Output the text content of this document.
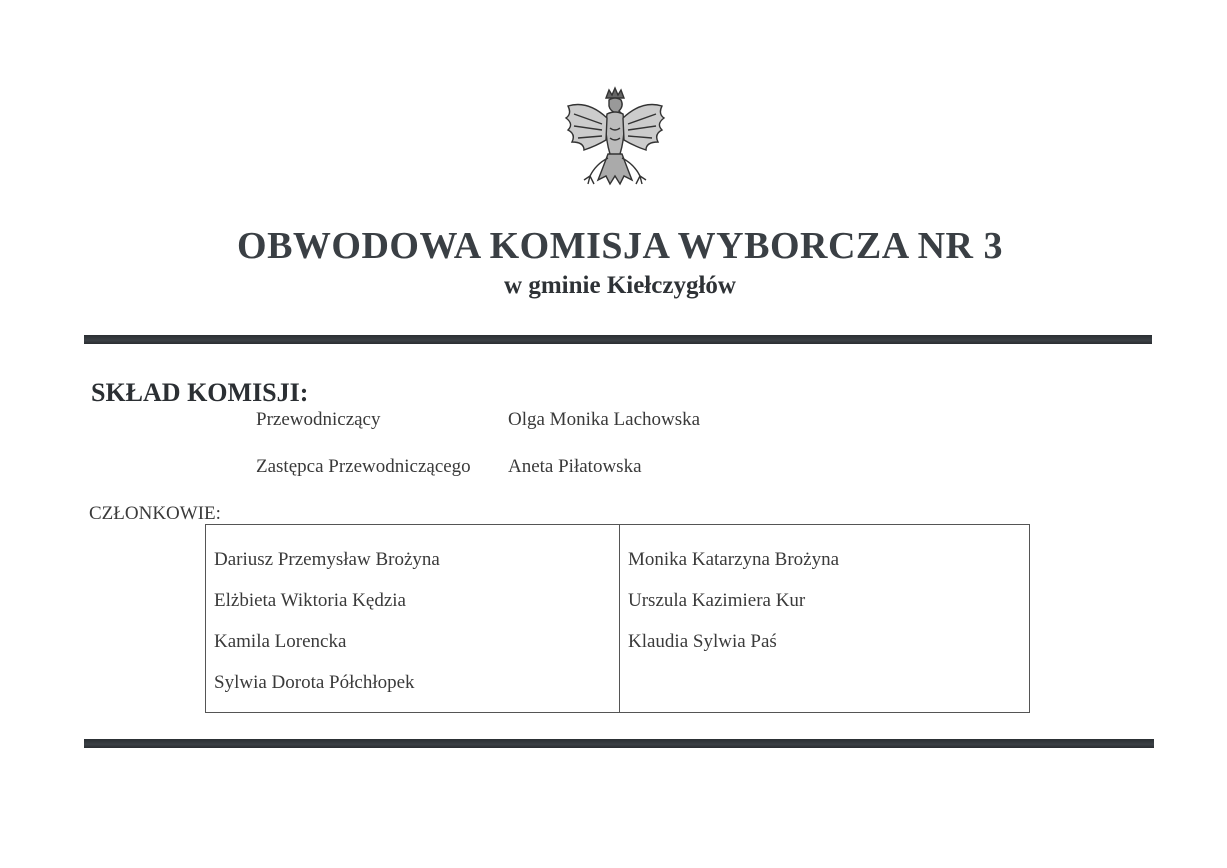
OBWODOWA KOMISJA WYBORCZA NR 3
w gminie Kiełczygłów
SKŁAD KOMISJI:
Przewodniczący	Olga Monika Lachowska
Zastępca Przewodniczącego Aneta Piłatowska
CZŁONKOWIE:
Dariusz Przemysław Brożyna
Elżbieta Wiktoria Kędzia
Kamila Lorencka
Sylwia Dorota Półchłopek
Monika Katarzyna Brożyna
Urszula Kazimiera Kur
Klaudia Sylwia Paś
